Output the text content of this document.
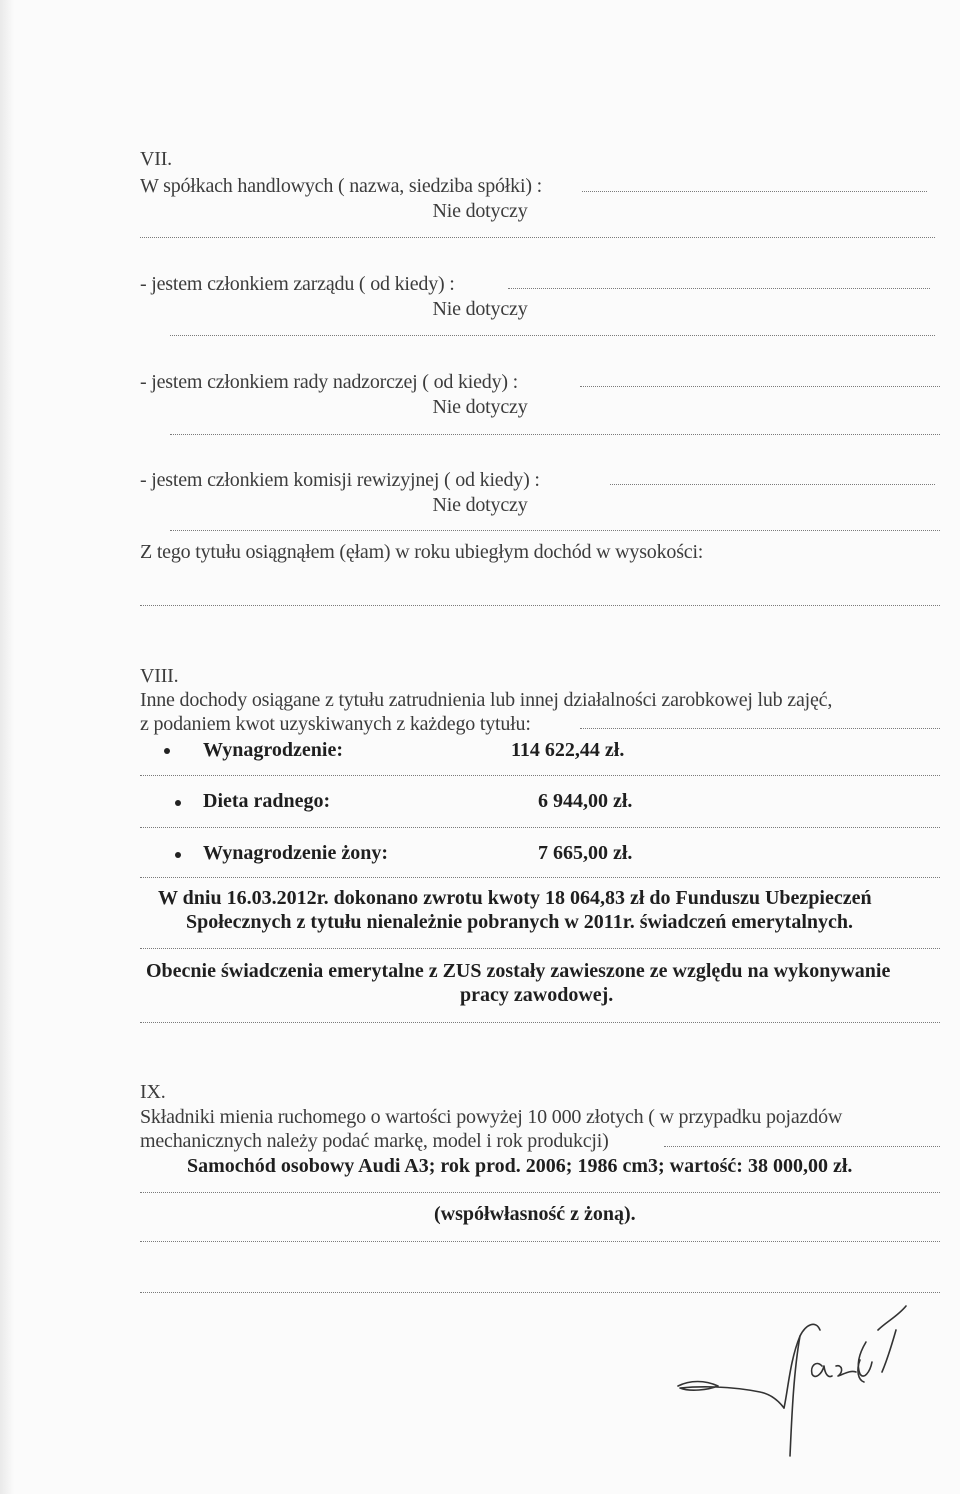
VII.
W spółkach handlowych ( nazwa, siedziba spółki) :
Nie dotyczy
- jestem członkiem zarządu ( od kiedy) :
Nie dotyczy
- jestem członkiem rady nadzorczej ( od kiedy) :
Nie dotyczy
- jestem członkiem komisji rewizyjnej ( od kiedy) :
Nie dotyczy
Z tego tytułu osiągnąłem (ęłam) w roku ubiegłym dochód w wysokości:
VIII.
Inne dochody osiągane z tytułu zatrudnienia lub innej działalności zarobkowej lub zajęć,
z podaniem kwot uzyskiwanych z każdego tytułu:
Wynagrodzenie:	114 622,44 zł.
Dieta radnego:	6 944,00 zł.
Wynagrodzenie żony:	7 665,00 zł.
W dniu 16.03.2012r. dokonano zwrotu kwoty 18 064,83 zł do Funduszu Ubezpieczeń
Społecznych z tytułu nienależnie pobranych w 2011r. świadczeń emerytalnych.
Obecnie świadczenia emerytalne z ZUS zostały zawieszone ze względu na wykonywanie
pracy zawodowej.
IX.
Składniki mienia ruchomego o wartości powyżej 10 000 złotych ( w przypadku pojazdów
mechanicznych należy podać markę, model i rok produkcji)
Samochód osobowy Audi A3; rok prod. 2006; 1986 cm3; wartość: 38 000,00 zł.
(współwłasność z żoną).
